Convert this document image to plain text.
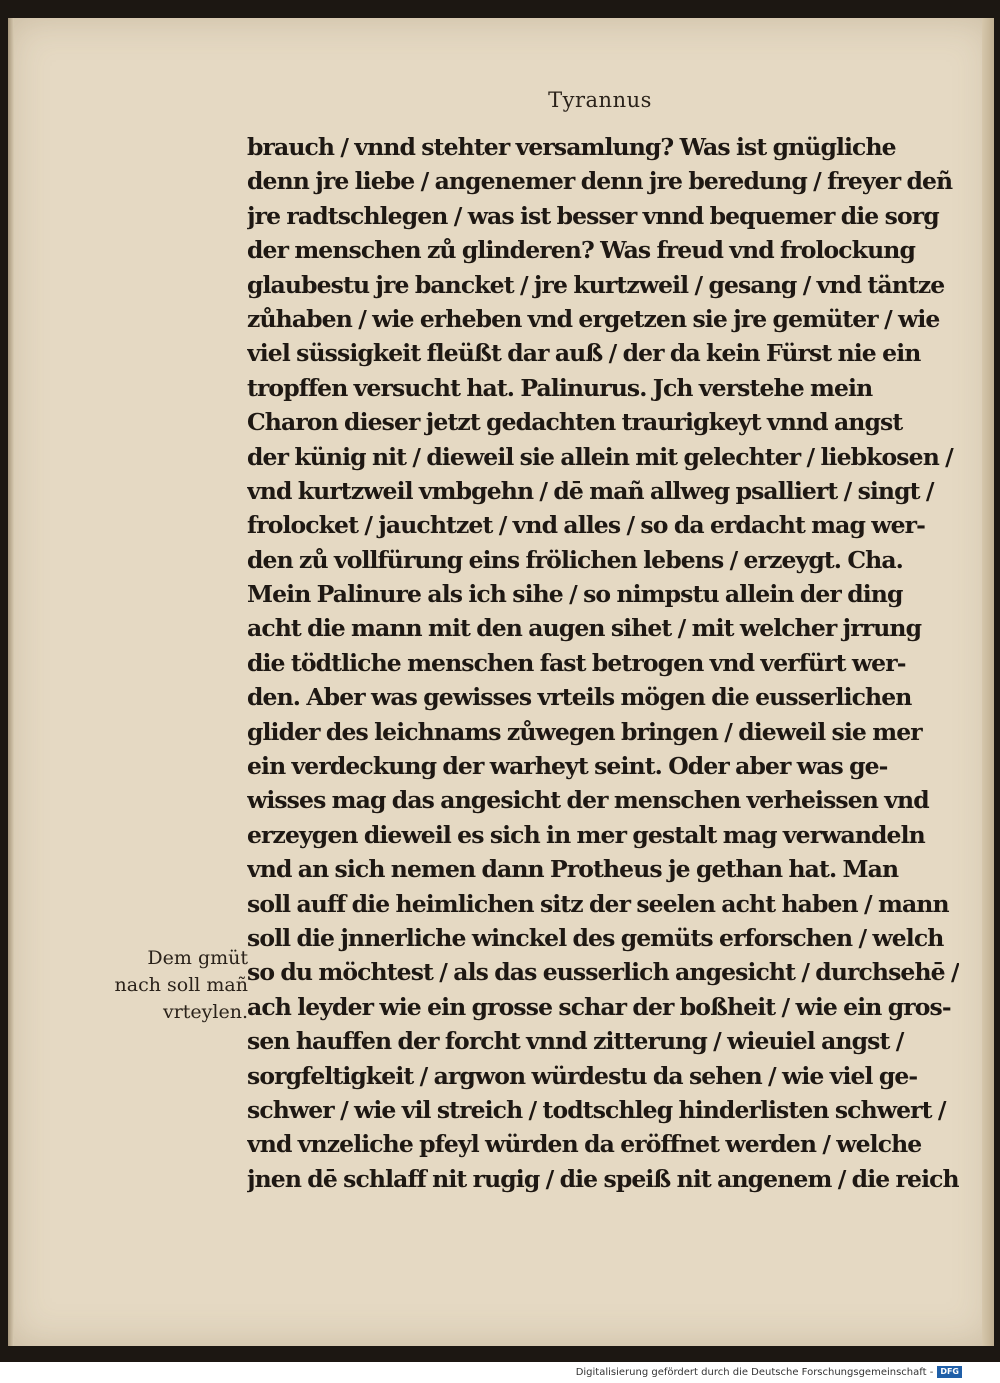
Tyrannus
brauch / vnnd stehter versamlung? Was ist gnügliche
denn jre liebe / angenemer denn jre beredung / freyer deñ
jre radtschlegen / was ist besser vnnd bequemer die sorg
der menschen zů glinderen? Was freud vnd frolockung
glaubestu jre bancket / jre kurtzweil / gesang / vnd täntze
zůhaben / wie erheben vnd ergetzen sie jre gemüter / wie
viel süssigkeit fleüßt dar auß / der da kein Fürst nie ein
tropffen versucht hat. Palinurus. Jch verstehe mein
Charon dieser jetzt gedachten traurigkeyt vnnd angst
der künig nit / dieweil sie allein mit gelechter / liebkosen /
vnd kurtzweil vmbgehn / dē mañ allweg psalliert / singt /
frolocket / jauchtzet / vnd alles / so da erdacht mag wer-
den zů vollfürung eins frölichen lebens / erzeygt. Cha.
Mein Palinure als ich sihe / so nimpstu allein der ding
acht die mann mit den augen sihet / mit welcher jrrung
die tödtliche menschen fast betrogen vnd verfürt wer-
den. Aber was gewisses vrteils mögen die eusserlichen
glider des leichnams zůwegen bringen / dieweil sie mer
ein verdeckung der warheyt seint. Oder aber was ge-
wisses mag das angesicht der menschen verheissen vnd
erzeygen dieweil es sich in mer gestalt mag verwandeln
vnd an sich nemen dann Protheus je gethan hat. Man
soll auff die heimlichen sitz der seelen acht haben / mann
soll die jnnerliche winckel des gemüts erforschen / welch
so du möchtest / als das eusserlich angesicht / durchsehē /
ach leyder wie ein grosse schar der boßheit / wie ein gros-
sen hauffen der forcht vnnd zitterung / wieuiel angst /
sorgfeltigkeit / argwon würdestu da sehen / wie viel ge-
schwer / wie vil streich / todtschleg hinderlisten schwert /
vnd vnzeliche pfeyl würden da eröffnet werden / welche
jnen dē schlaff nit rugig / die speiß nit angenem / die reich
Dem gmüt
nach soll mañ
vrteylen.
Digitalisierung gefördert durch die Deutsche Forschungsgemeinschaft - DFG
